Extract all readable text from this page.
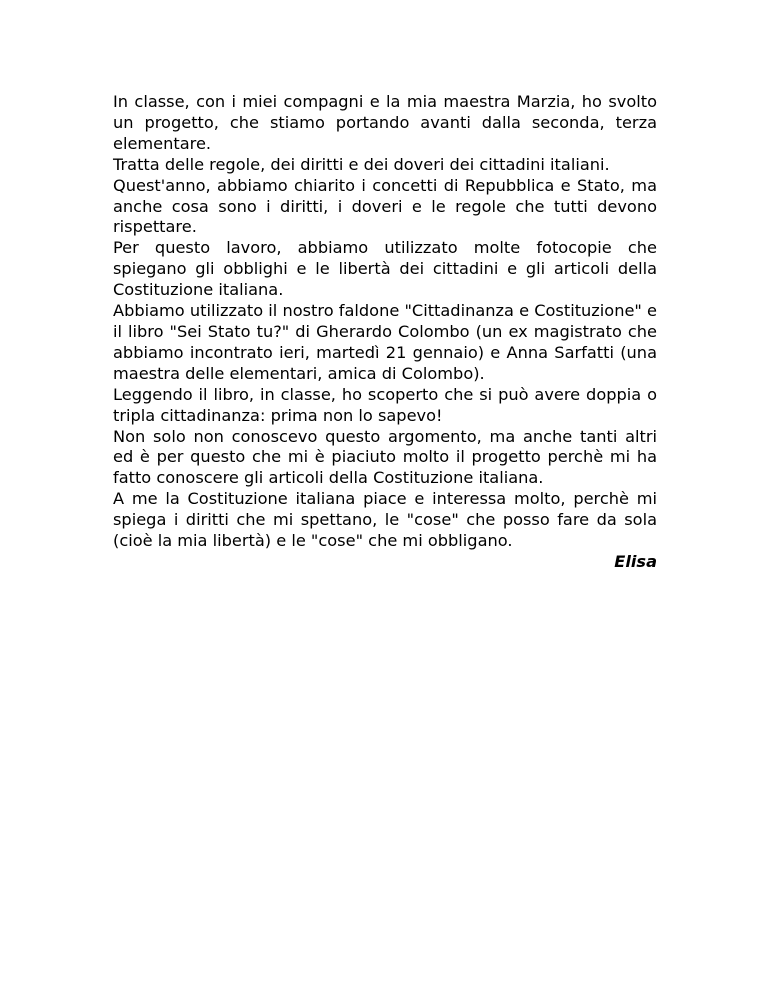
In classe, con i miei compagni e la mia maestra Marzia, ho svolto un progetto, che stiamo portando avanti dalla seconda, terza elementare.

Tratta delle regole, dei diritti e dei doveri dei cittadini italiani.

Quest'anno, abbiamo chiarito i concetti di Repubblica e Stato, ma anche cosa sono i diritti, i doveri e le regole che tutti devono rispettare.

Per questo lavoro, abbiamo utilizzato molte fotocopie che spiegano gli obblighi e le libertà dei cittadini e gli articoli della Costituzione italiana.

Abbiamo utilizzato il nostro faldone "Cittadinanza e Costituzione" e il libro "Sei Stato tu?" di Gherardo Colombo (un ex magistrato che abbiamo incontrato ieri, martedì 21 gennaio) e Anna Sarfatti (una maestra delle elementari, amica di Colombo).

Leggendo il libro, in classe, ho scoperto che si può avere doppia o tripla cittadinanza: prima non lo sapevo!

Non solo non conoscevo questo argomento, ma anche tanti altri ed è per questo che mi è piaciuto molto il progetto perchè mi ha fatto conoscere gli articoli della Costituzione italiana.

A me la Costituzione italiana piace e interessa molto, perchè mi spiega i diritti che mi spettano, le "cose" che posso fare da sola (cioè la mia libertà) e le "cose" che mi obbligano.

Elisa
